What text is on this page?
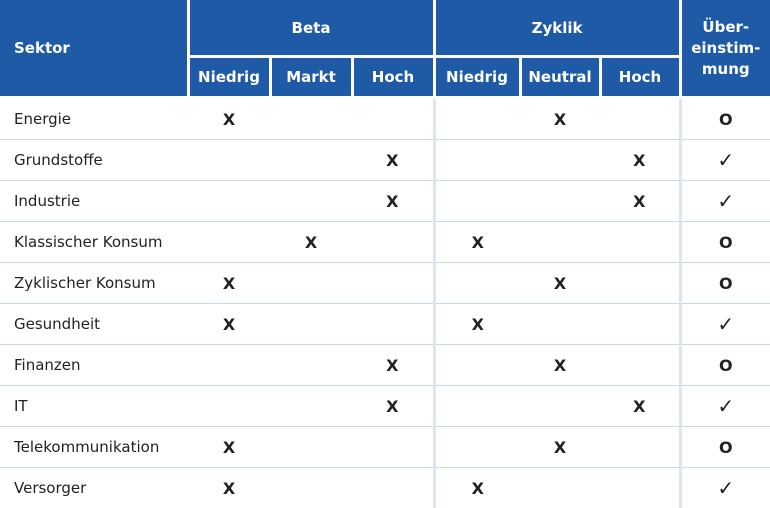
Sektor	Beta			Zyklik			Über-
einstim-
mung
	Niedrig	Markt	Hoch	Niedrig	Neutral	Hoch	
Energie	X				X		O
Grundstoffe			X			X	✓
Industrie			X			X	✓
Klassischer Konsum		X		X			O
Zyklischer Konsum	X				X		O
Gesundheit	X			X			✓
Finanzen			X		X		O
IT			X			X	✓
Telekommunikation	X				X		O
Versorger	X			X			✓
